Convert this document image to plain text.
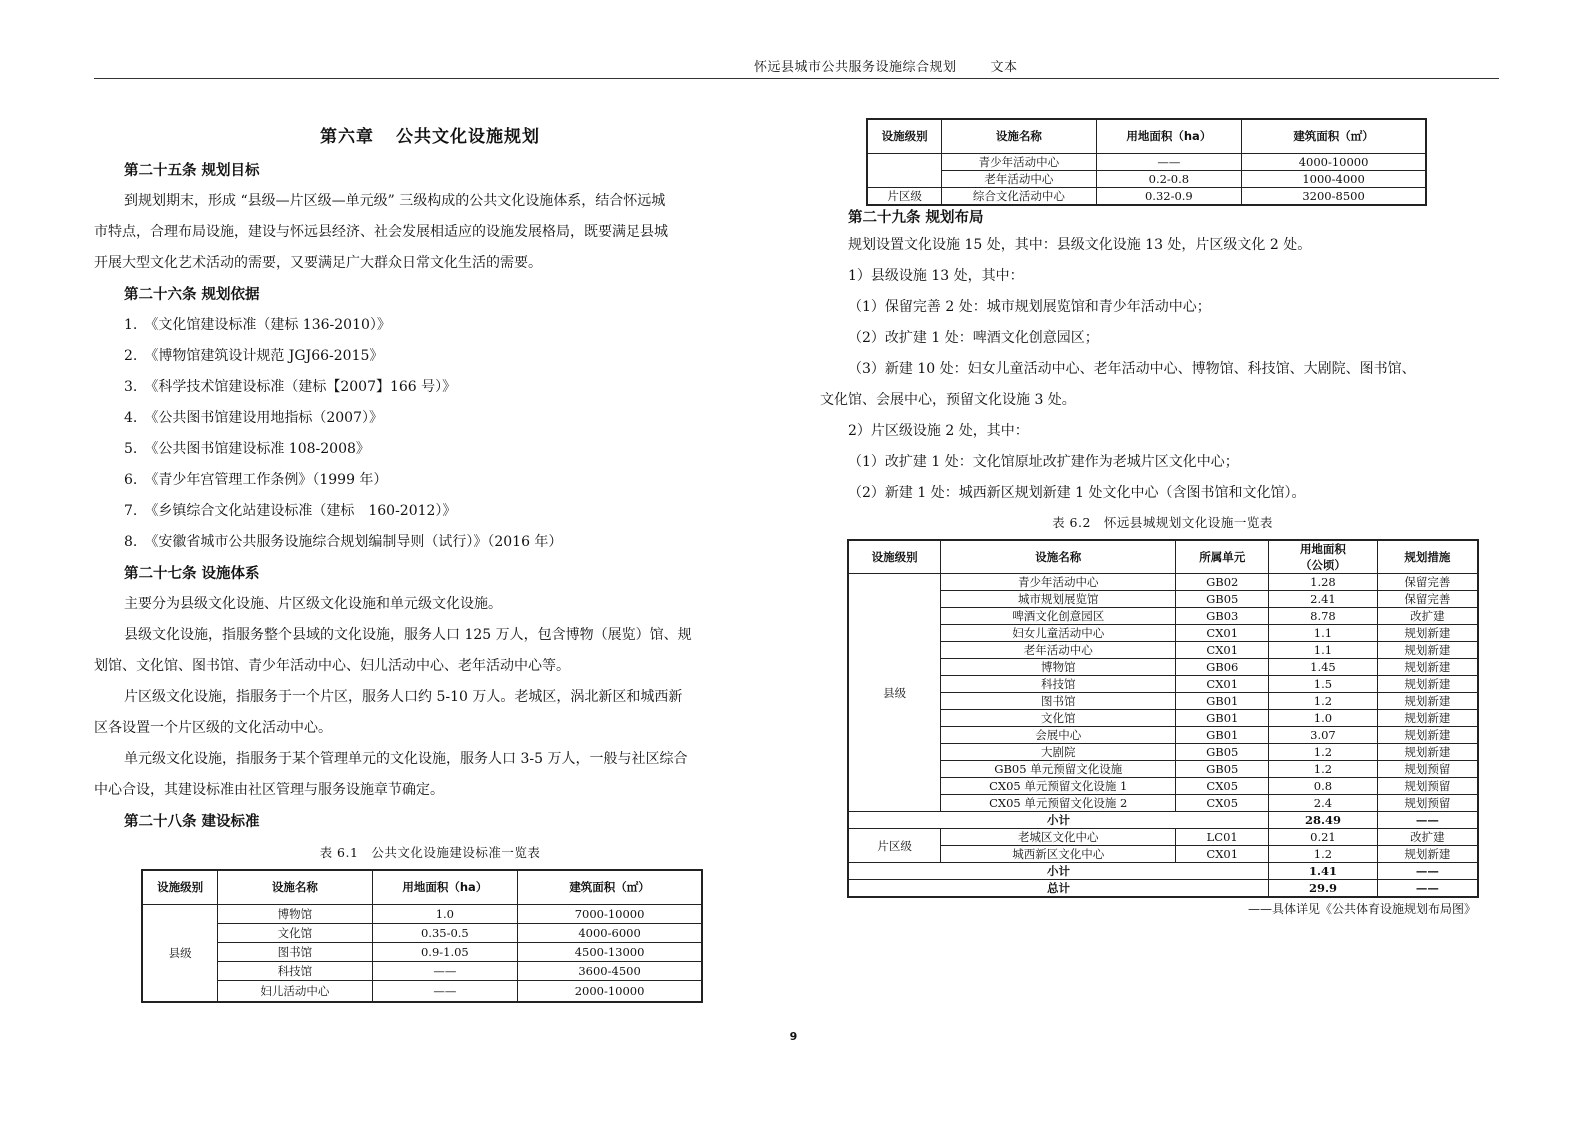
怀远县城市公共服务设施综合规划	文本
第六章 公共文化设施规划
第二十五条 规划目标

到规划期末，形成 “县级—片区级—单元级” 三级构成的公共文化设施体系，结合怀远城

市特点，合理布局设施，建设与怀远县经济、社会发展相适应的设施发展格局，既要满足县城

开展大型文化艺术活动的需要，又要满足广大群众日常文化生活的需要。

第二十六条 规划依据

1.　《文化馆建设标准（建标 136-2010）》

2.　《博物馆建筑设计规范 JGJ66-2015》

3.　《科学技术馆建设标准（建标【2007】166 号）》

4.　《公共图书馆建设用地指标（2007）》

5.　《公共图书馆建设标准 108-2008》

6.　《青少年宫管理工作条例》（1999 年）

7.　《乡镇综合文化站建设标准（建标　160-2012）》

8.　《安徽省城市公共服务设施综合规划编制导则（试行）》（2016 年）

第二十七条 设施体系

主要分为县级文化设施、片区级文化设施和单元级文化设施。

县级文化设施，指服务整个县域的文化设施，服务人口 125 万人，包含博物（展览）馆、规

划馆、文化馆、图书馆、青少年活动中心、妇儿活动中心、老年活动中心等。

片区级文化设施，指服务于一个片区，服务人口约 5-10 万人。老城区，涡北新区和城西新

区各设置一个片区级的文化活动中心。

单元级文化设施，指服务于某个管理单元的文化设施，服务人口 3-5 万人，一般与社区综合

中心合设，其建设标准由社区管理与服务设施章节确定。

第二十八条 建设标准
表 6.1　公共文化设施建设标准一览表
设施级别	设施名称	用地面积（ha）	建筑面积（㎡）
县级	博物馆	1.0	7000-10000
	文化馆	0.35-0.5	4000-6000
	图书馆	0.9-1.05	4500-13000
	科技馆	——	3600-4500
	妇儿活动中心	——	2000-10000
设施级别	设施名称	用地面积（ha）	建筑面积（㎡）
	青少年活动中心	——	4000-10000
	老年活动中心	0.2-0.8	1000-4000
片区级	综合文化活动中心	0.32-0.9	3200-8500
第二十九条 规划布局

规划设置文化设施 15 处，其中：县级文化设施 13 处，片区级文化 2 处。

1）县级设施 13 处，其中：

（1）保留完善 2 处：城市规划展览馆和青少年活动中心；

（2）改扩建 1 处：啤酒文化创意园区；

（3）新建 10 处：妇女儿童活动中心、老年活动中心、博物馆、科技馆、大剧院、图书馆、

文化馆、会展中心，预留文化设施 3 处。

2）片区级设施 2 处，其中：

（1）改扩建 1 处：文化馆原址改扩建作为老城片区文化中心；

（2）新建 1 处：城西新区规划新建 1 处文化中心（含图书馆和文化馆）。

表 6.2　怀远县城规划文化设施一览表
设施级别	设施名称	所属单元	用地面积
（公顷）	规划措施
县级	青少年活动中心	GB02	1.28	保留完善
	城市规划展览馆	GB05	2.41	保留完善
	啤酒文化创意园区	GB03	8.78	改扩建
	妇女儿童活动中心	CX01	1.1	规划新建
	老年活动中心	CX01	1.1	规划新建
	博物馆	GB06	1.45	规划新建
	科技馆	CX01	1.5	规划新建
	图书馆	GB01	1.2	规划新建
	文化馆	GB01	1.0	规划新建
	会展中心	GB01	3.07	规划新建
	大剧院	GB05	1.2	规划新建
	GB05 单元预留文化设施	GB05	1.2	规划预留
	CX05 单元预留文化设施 1	CX05	0.8	规划预留
	CX05 单元预留文化设施 2	CX05	2.4	规划预留
小计			28.49	——
片区级	老城区文化中心	LC01	0.21	改扩建
	城西新区文化中心	CX01	1.2	规划新建
小计			1.41	——
总计			29.9	——
——具体详见《公共体育设施规划布局图》
9
